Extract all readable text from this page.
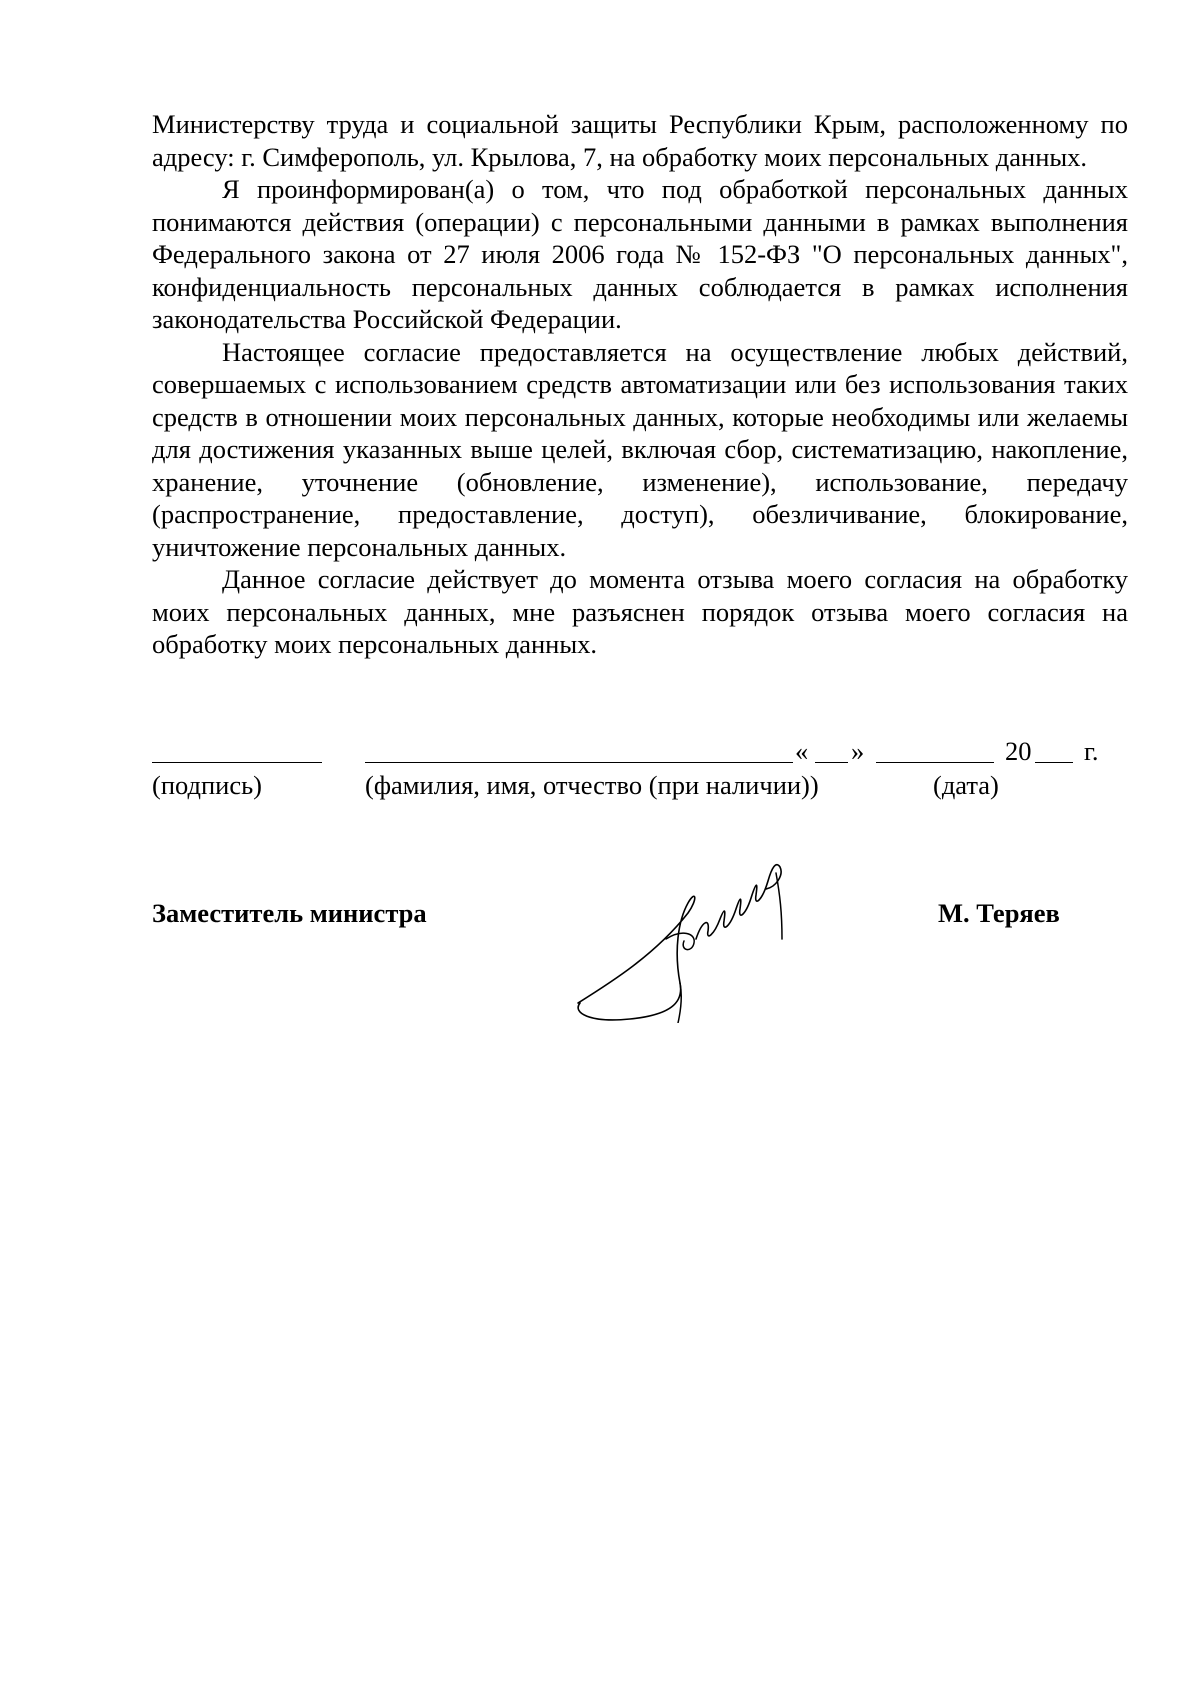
Министерству труда и социальной защиты Республики Крым, расположенному по адресу: г. Симферополь, ул. Крылова, 7, на обработку моих персональных данных.

Я проинформирован(а) о том, что под обработкой персональных данных понимаются действия (операции) с персональными данными в рамках выполнения Федерального закона от 27 июля 2006 года № 152-ФЗ "О персональных данных", конфиденциальность персональных данных соблюдается в рамках исполнения законодательства Российской Федерации.

Настоящее согласие предоставляется на осуществление любых действий, совершаемых с использованием средств автоматизации или без использования таких средств в отношении моих персональных данных, которые необходимы или желаемы для достижения указанных выше целей, включая сбор, систематизацию, накопление, хранение, уточнение (обновление, изменение), использование, передачу (распространение, предоставление, доступ), обезличивание, блокирование, уничтожение персональных данных.

Данное согласие действует до момента отзыва моего согласия на обработку моих персональных данных, мне разъяснен порядок отзыва моего согласия на обработку моих персональных данных.

« »	20 г.
(подпись)	(фамилия, имя, отчество (при наличии))	(дата)
Заместитель министра	М. Теряев
